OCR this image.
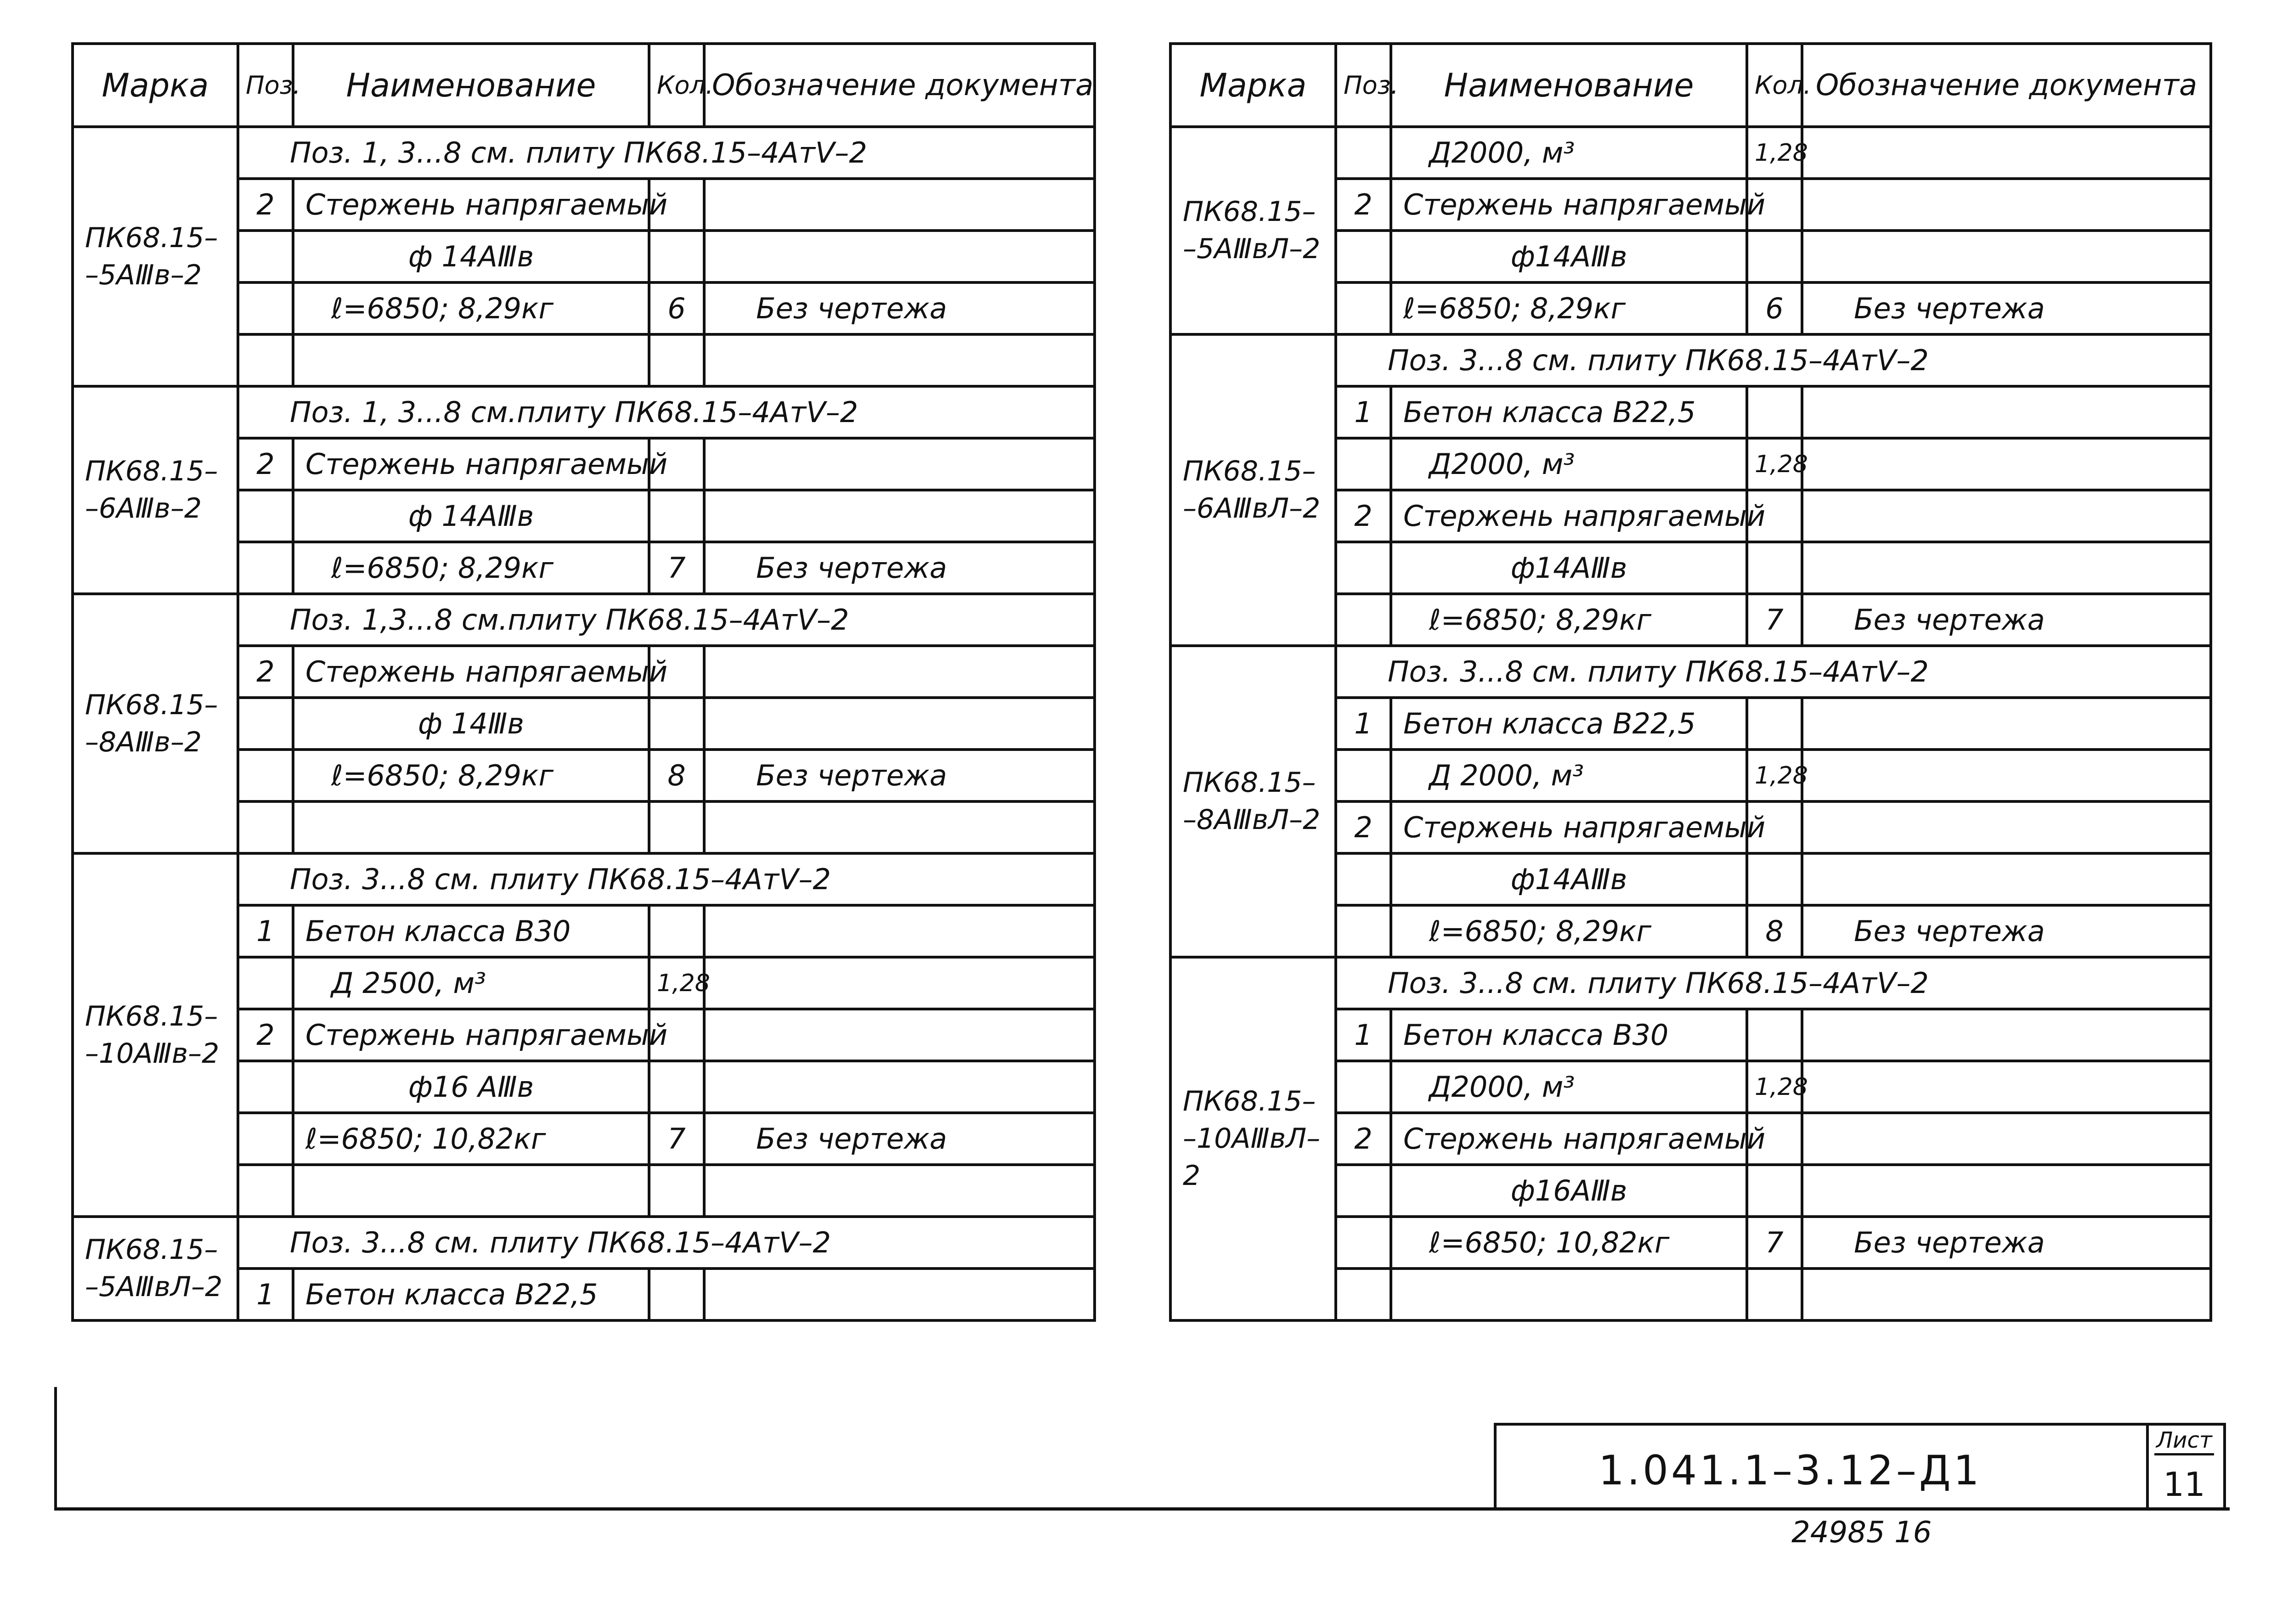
Марка	Поз.	Наименование	Кол.	Обозначение документа
ПК68.15–
–5АⅢв–2	Поз. 1, 3...8 см. плиту ПК68.15–4АтⅤ–2			
	2	Стержень напрягаемый		
		ф 14АⅢв		
		ℓ=6850; 8,29кг	6	Без чертежа

ПК68.15–
–6АⅢв–2	Поз. 1, 3...8 см.плиту ПК68.15–4АтⅤ–2			
	2	Стержень напрягаемый		
		ф 14АⅢв		
		ℓ=6850; 8,29кг	7	Без чертежа
ПК68.15–
–8АⅢв–2	Поз. 1,3...8 см.плиту ПК68.15–4АтⅤ–2			
	2	Стержень напрягаемый		
		ф 14Ⅲв		
		ℓ=6850; 8,29кг	8	Без чертежа

ПК68.15–
–10АⅢв–2	Поз. 3...8 см. плиту ПК68.15–4АтⅤ–2			
	1	Бетон класса В30		
		Д 2500, м³	1,28	
	2	Стержень напрягаемый		
		ф16 АⅢв		
		ℓ=6850; 10,82кг	7	Без чертежа

ПК68.15–
–5АⅢвЛ–2	Поз. 3...8 см. плиту ПК68.15–4АтⅤ–2			
	1	Бетон класса В22,5		
Марка	Поз.	Наименование	Кол.	Обозначение документа
ПК68.15–
–5АⅢвЛ–2		Д2000, м³	1,28	
	2	Стержень напрягаемый		
		ф14АⅢв		
		ℓ=6850; 8,29кг	6	Без чертежа
ПК68.15–
–6АⅢвЛ–2	Поз. 3...8 см. плиту ПК68.15–4АтⅤ–2			
	1	Бетон класса В22,5		
		Д2000, м³	1,28	
	2	Стержень напрягаемый		
		ф14АⅢв		
		ℓ=6850; 8,29кг	7	Без чертежа
ПК68.15–
–8АⅢвЛ–2	Поз. 3...8 см. плиту ПК68.15–4АтⅤ–2			
	1	Бетон класса В22,5		
		Д 2000, м³	1,28	
	2	Стержень напрягаемый		
		ф14АⅢв		
		ℓ=6850; 8,29кг	8	Без чертежа
ПК68.15–
–10АⅢвЛ–2	Поз. 3...8 см. плиту ПК68.15–4АтⅤ–2			
	1	Бетон класса В30		
		Д2000, м³	1,28	
	2	Стержень напрягаемый		
		ф16АⅢв		
		ℓ=6850; 10,82кг	7	Без чертежа

1.041.1–3.12–Д1
Лист
11
24985 16
